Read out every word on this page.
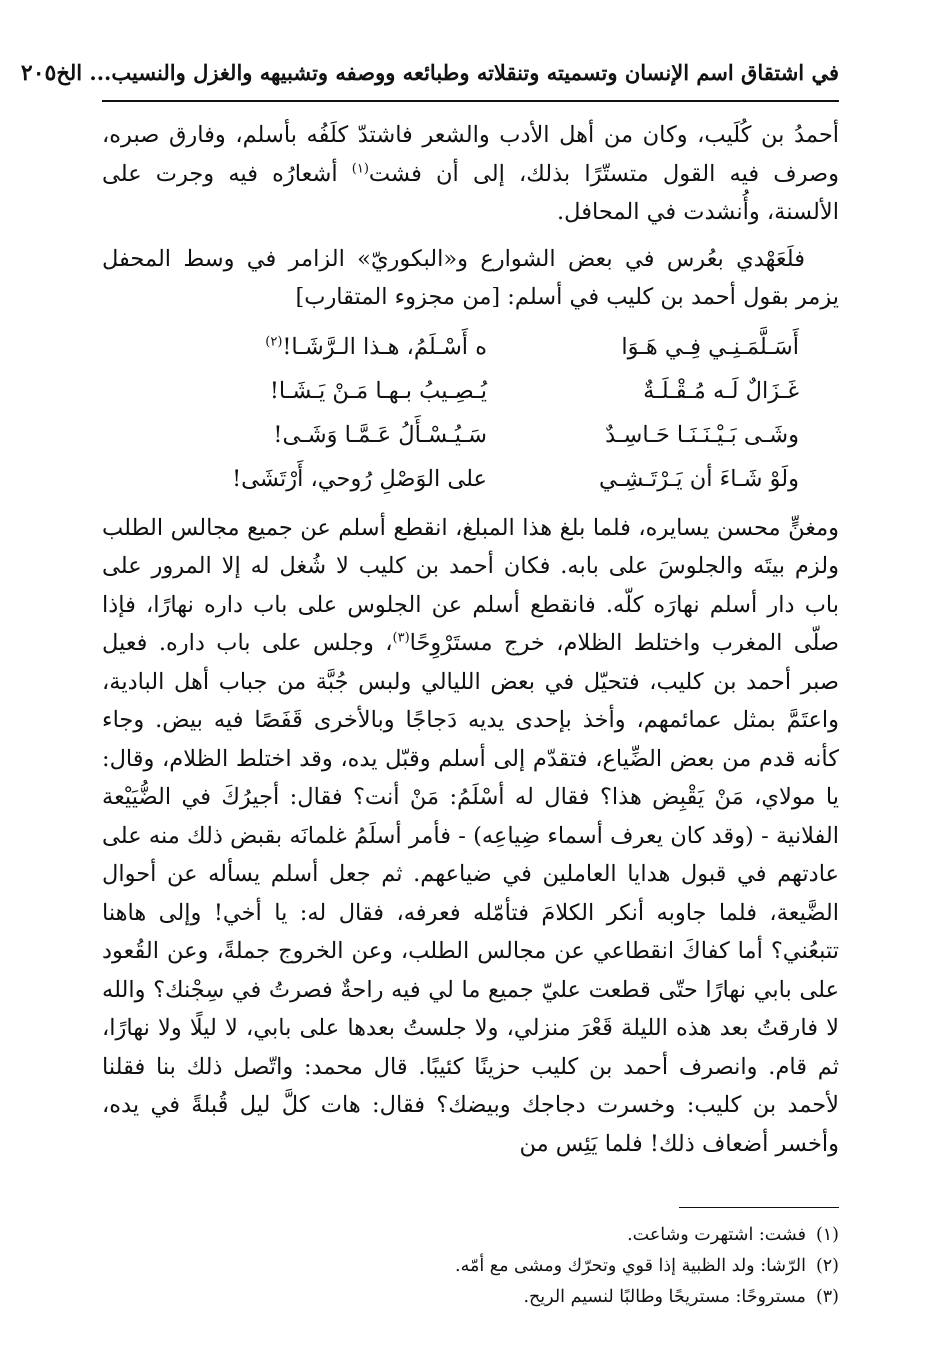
في اشتقاق اسم الإنسان وتسميته وتنقلاته وطبائعه ووصفه وتشبيهه والغزل والنسيب... الخ
٢٠٥

أحمدُ بن كُلَيب، وكان من أهل الأدب والشعر فاشتدّ كلَفُه بأسلم، وفارق صبره، وصرف فيه القول متستّرًا بذلك، إلى أن فشت$^{(١)}$ أشعارُه فيه وجرت على الألسنة، وأُنشدت في المحافل.

فلَعَهْدي بعُرس في بعض الشوارع و«البكوريّ» الزامر في وسط المحفل يزمر بقول أحمد بن كليب في أسلم: [من مجزوء المتقارب]

أَسَـلَّمَـنِـي فِـي هَـوَا
ه أَسْـلَمُ، هـذا الـرَّشَـا!$^{(٢)}$
غَـزَالٌ لَـه مُـقْـلَـةٌ
يُـصِـيبُ بـهـا مَـنْ يَـشَـا!
وشَـى بَـيْـنَـنَـا حَـاسِـدٌ
سَـيُـسْـأَلُ عَـمَّـا وَشَـى!
ولَوْ شَـاءَ أن يَـرْتَـشِـي
على الوَصْلِ رُوحي، أَرْتَشَى!

ومغنٍّ محسن يسايره، فلما بلغ هذا المبلغ، انقطع أسلم عن جميع مجالس الطلب ولزم بيتَه والجلوسَ على بابه. فكان أحمد بن كليب لا شُغل له إلا المرور على باب دار أسلم نهارَه كلّه. فانقطع أسلم عن الجلوس على باب داره نهارًا، فإذا صلّى المغرب واختلط الظلام، خرج مستَرْوِحًا$^{(٣)}$، وجلس على باب داره. فعيل صبر أحمد بن كليب، فتحيّل في بعض الليالي ولبس جُبَّة من جباب أهل البادية، واعتَمَّ بمثل عمائمهم، وأخذ بإحدى يديه دَجاجًا وبالأخرى قَفَصًا فيه بيض. وجاء كأنه قدم من بعض الضِّياع، فتقدّم إلى أسلم وقبّل يده، وقد اختلط الظلام، وقال: يا مولاي، مَنْ يَقْبِض هذا؟ فقال له أسْلَمُ: مَنْ أنت؟ فقال: أجيرُكَ في الضُّيَيْعة الفلانية - (وقد كان يعرف أسماء ضِياعِه) - فأمر أسلَمُ غلمانَه بقبض ذلك منه على عادتهم في قبول هدايا العاملين في ضياعهم. ثم جعل أسلم يسأله عن أحوال الضَّيعة، فلما جاوبه أنكر الكلامَ فتأمّله فعرفه، فقال له: يا أخي! وإلى هاهنا تتبعُني؟ أما كفاكَ انقطاعي عن مجالس الطلب، وعن الخروج جملةً، وعن القُعود على بابي نهارًا حتّى قطعت عليّ جميع ما لي فيه راحةٌ فصرتُ في سِجْنك؟ والله لا فارقتُ بعد هذه الليلة قَعْرَ منزلي، ولا جلستُ بعدها على بابي، لا ليلًا ولا نهارًا، ثم قام. وانصرف أحمد بن كليب حزينًا كئيبًا. قال محمد: واتّصل ذلك بنا فقلنا لأحمد بن كليب: وخسرت دجاجك وبيضك؟ فقال: هات كلَّ ليل قُبلةً في يده، وأخسر أضعاف ذلك! فلما يَئِس من

(١)
فشت: اشتهرت وشاعت.
(٢)
الرّشا: ولد الظبية إذا قوي وتحرّك ومشى مع أمّه.
(٣)
مستروحًا: مستريحًا وطالبًا لنسيم الريح.
